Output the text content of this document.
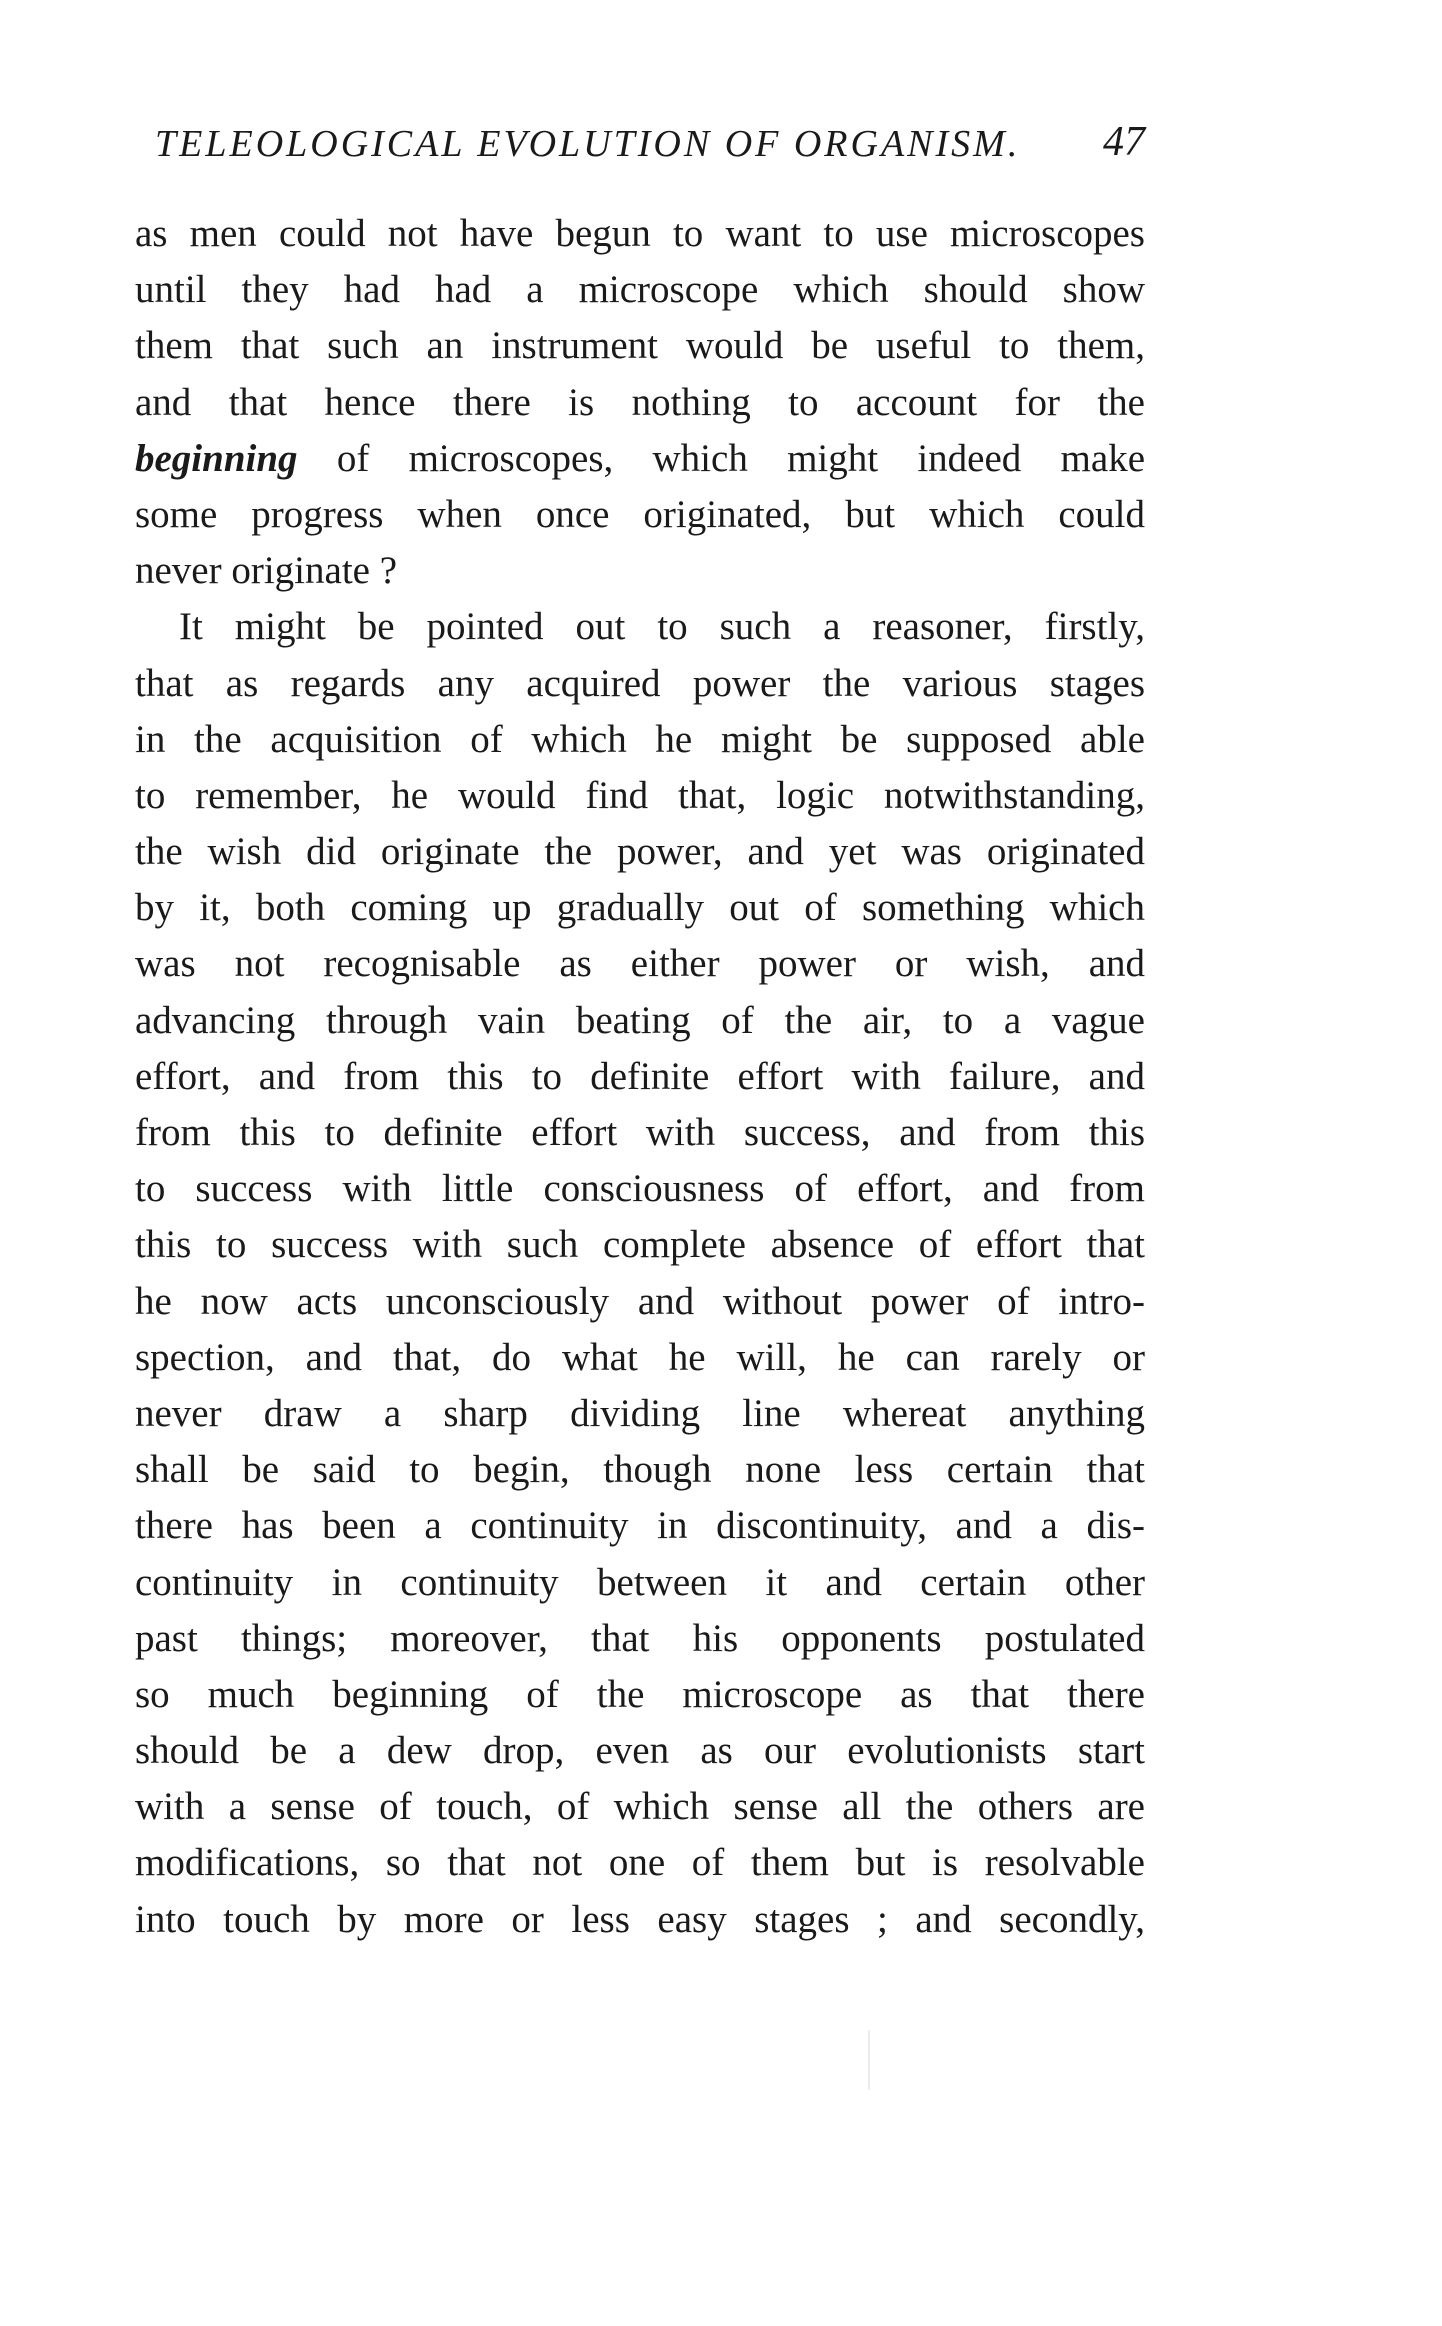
TELEOLOGICAL EVOLUTION OF ORGANISM. 47
as men could not have begun to want to use microscopes
until they had had a microscope which should show
them that such an instrument would be useful to them,
and that hence there is nothing to account for the
beginning of microscopes, which might indeed make
some progress when once originated, but which could
never originate ?
It might be pointed out to such a reasoner, firstly,
that as regards any acquired power the various stages
in the acquisition of which he might be supposed able
to remember, he would find that, logic notwithstanding,
the wish did originate the power, and yet was originated
by it, both coming up gradually out of something which
was not recognisable as either power or wish, and
advancing through vain beating of the air, to a vague
effort, and from this to definite effort with failure, and
from this to definite effort with success, and from this
to success with little consciousness of effort, and from
this to success with such complete absence of effort that
he now acts unconsciously and without power of intro-
spection, and that, do what he will, he can rarely or
never draw a sharp dividing line whereat anything
shall be said to begin, though none less certain that
there has been a continuity in discontinuity, and a dis-
continuity in continuity between it and certain other
past things; moreover, that his opponents postulated
so much beginning of the microscope as that there
should be a dew drop, even as our evolutionists start
with a sense of touch, of which sense all the others are
modifications, so that not one of them but is resolvable
into touch by more or less easy stages ; and secondly,
